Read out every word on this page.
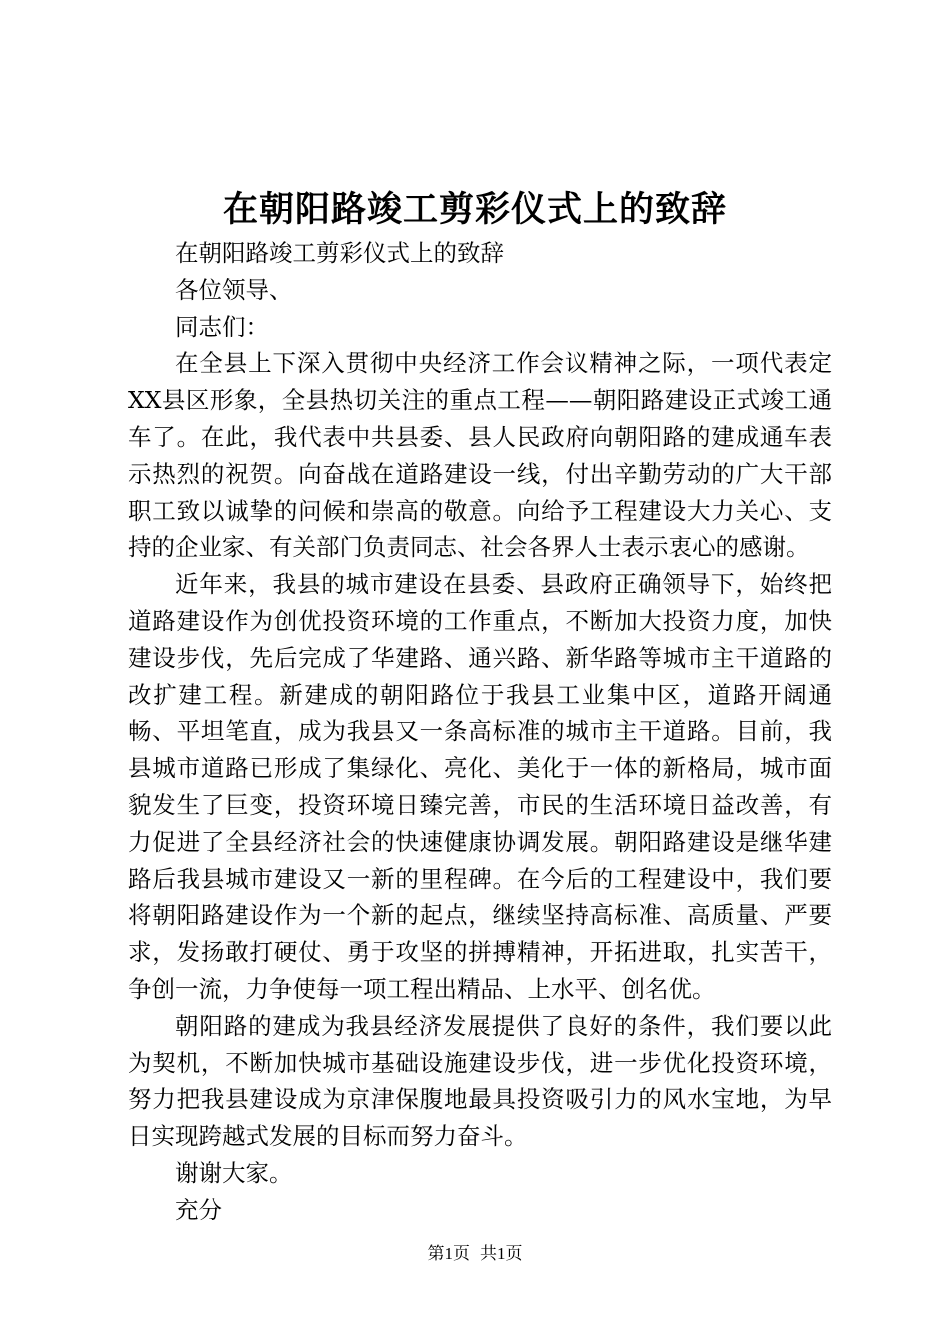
在朝阳路竣工剪彩仪式上的致辞

在朝阳路竣工剪彩仪式上的致辞

各位领导、

同志们：

在全县上下深入贯彻中央经济工作会议精神之际，一项代表定XX县区形象，全县热切关注的重点工程——朝阳路建设正式竣工通车了。在此，我代表中共县委、县人民政府向朝阳路的建成通车表示热烈的祝贺。向奋战在道路建设一线，付出辛勤劳动的广大干部职工致以诚挚的问候和崇高的敬意。向给予工程建设大力关心、支持的企业家、有关部门负责同志、社会各界人士表示衷心的感谢。

近年来，我县的城市建设在县委、县政府正确领导下，始终把道路建设作为创优投资环境的工作重点，不断加大投资力度，加快建设步伐，先后完成了华建路、通兴路、新华路等城市主干道路的改扩建工程。新建成的朝阳路位于我县工业集中区，道路开阔通畅、平坦笔直，成为我县又一条高标准的城市主干道路。目前，我县城市道路已形成了集绿化、亮化、美化于一体的新格局，城市面貌发生了巨变，投资环境日臻完善，市民的生活环境日益改善，有力促进了全县经济社会的快速健康协调发展。朝阳路建设是继华建路后我县城市建设又一新的里程碑。在今后的工程建设中，我们要将朝阳路建设作为一个新的起点，继续坚持高标准、高质量、严要求，发扬敢打硬仗、勇于攻坚的拼搏精神，开拓进取，扎实苦干，争创一流，力争使每一项工程出精品、上水平、创名优。

朝阳路的建成为我县经济发展提供了良好的条件，我们要以此为契机，不断加快城市基础设施建设步伐，进一步优化投资环境，努力把我县建设成为京津保腹地最具投资吸引力的风水宝地，为早日实现跨越式发展的目标而努力奋斗。

谢谢大家。

充分

第1页 共1页
